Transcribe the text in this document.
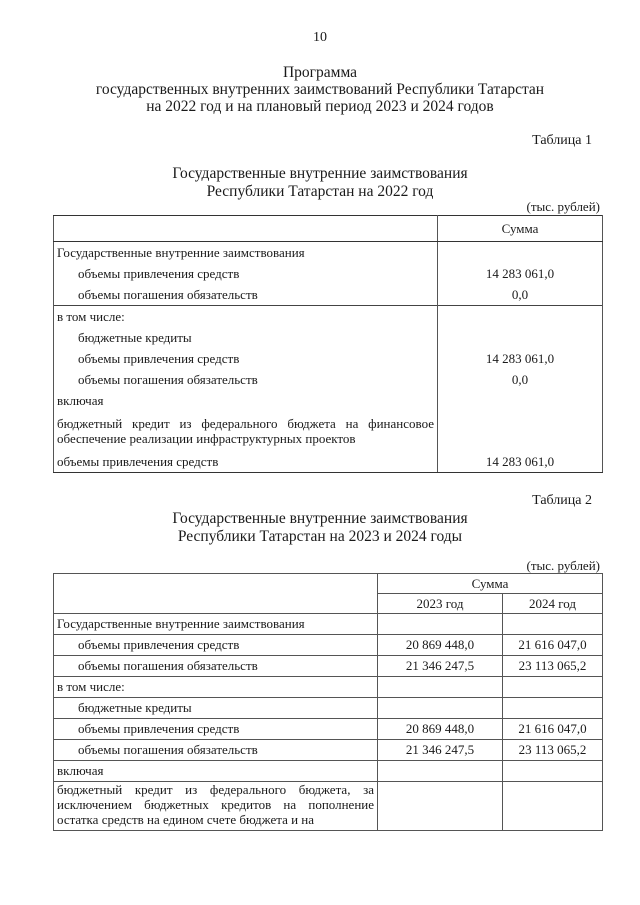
10
Программа
государственных внутренних заимствований Республики Татарстан
на 2022 год и на плановый период 2023 и 2024 годов
Таблица 1
Государственные внутренние заимствования
Республики Татарстан на 2022 год
(тыс. рублей)
	Сумма
Государственные внутренние заимствования	
объемы привлечения средств	14 283 061,0
объемы погашения обязательств	0,0
в том числе:	
бюджетные кредиты	
объемы привлечения средств	14 283 061,0
объемы погашения обязательств	0,0
включая	
бюджетный кредит из федерального бюджета на финансовое обеспечение реализации инфраструктурных проектов	
объемы привлечения средств	14 283 061,0
Таблица 2
Государственные внутренние заимствования
Республики Татарстан на 2023 и 2024 годы
(тыс. рублей)
	Сумма	
	2023 год	2024 год
Государственные внутренние заимствования		
объемы привлечения средств	20 869 448,0	21 616 047,0
объемы погашения обязательств	21 346 247,5	23 113 065,2
в том числе:		
бюджетные кредиты		
объемы привлечения средств	20 869 448,0	21 616 047,0
объемы погашения обязательств	21 346 247,5	23 113 065,2
включая		
бюджетный кредит из федерального бюджета, за исключением бюджетных кредитов на пополнение остатка средств на едином счете бюджета и на		
